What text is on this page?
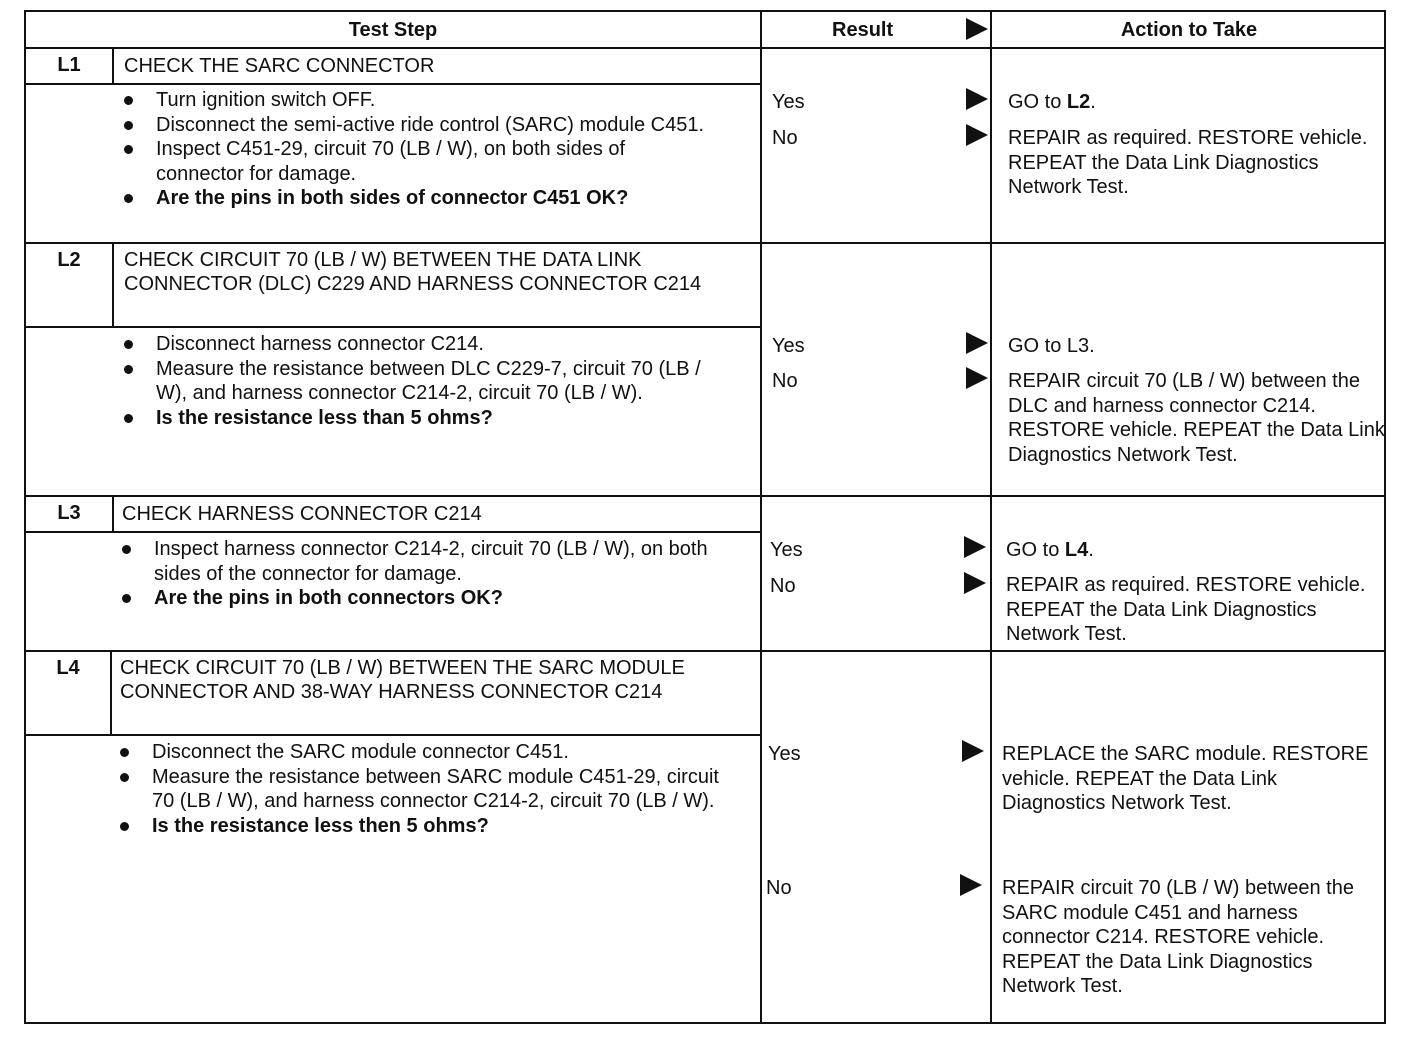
Test Step	Result	Action to Take
L1	CHECK THE SARC CONNECTOR
Turn ignition switch OFF.
Disconnect the semi-active ride control (SARC) module C451.
Inspect C451-29, circuit 70 (LB / W), on both sides of connector for damage.
Are the pins in both sides of connector C451 OK?
Yes	GO to L2.
No	REPAIR as required. RESTORE vehicle. REPEAT the Data Link Diagnostics Network Test.
L2	CHECK CIRCUIT 70 (LB / W) BETWEEN THE DATA LINK CONNECTOR (DLC) C229 AND HARNESS CONNECTOR C214
Disconnect harness connector C214.
Measure the resistance between DLC C229-7, circuit 70 (LB / W), and harness connector C214-2, circuit 70 (LB / W).
Is the resistance less than 5 ohms?
Yes	GO to L3.
No	REPAIR circuit 70 (LB / W) between the DLC and harness connector C214. RESTORE vehicle. REPEAT the Data Link Diagnostics Network Test.
L3	CHECK HARNESS CONNECTOR C214
Inspect harness connector C214-2, circuit 70 (LB / W), on both sides of the connector for damage.
Are the pins in both connectors OK?
Yes	GO to L4.
No	REPAIR as required. RESTORE vehicle. REPEAT the Data Link Diagnostics Network Test.
L4	CHECK CIRCUIT 70 (LB / W) BETWEEN THE SARC MODULE CONNECTOR AND 38-WAY HARNESS CONNECTOR C214
Disconnect the SARC module connector C451.
Measure the resistance between SARC module C451-29, circuit 70 (LB / W), and harness connector C214-2, circuit 70 (LB / W).
Is the resistance less then 5 ohms?
Yes	REPLACE the SARC module. RESTORE vehicle. REPEAT the Data Link Diagnostics Network Test.
No	REPAIR circuit 70 (LB / W) between the SARC module C451 and harness connector C214. RESTORE vehicle. REPEAT the Data Link Diagnostics Network Test.
